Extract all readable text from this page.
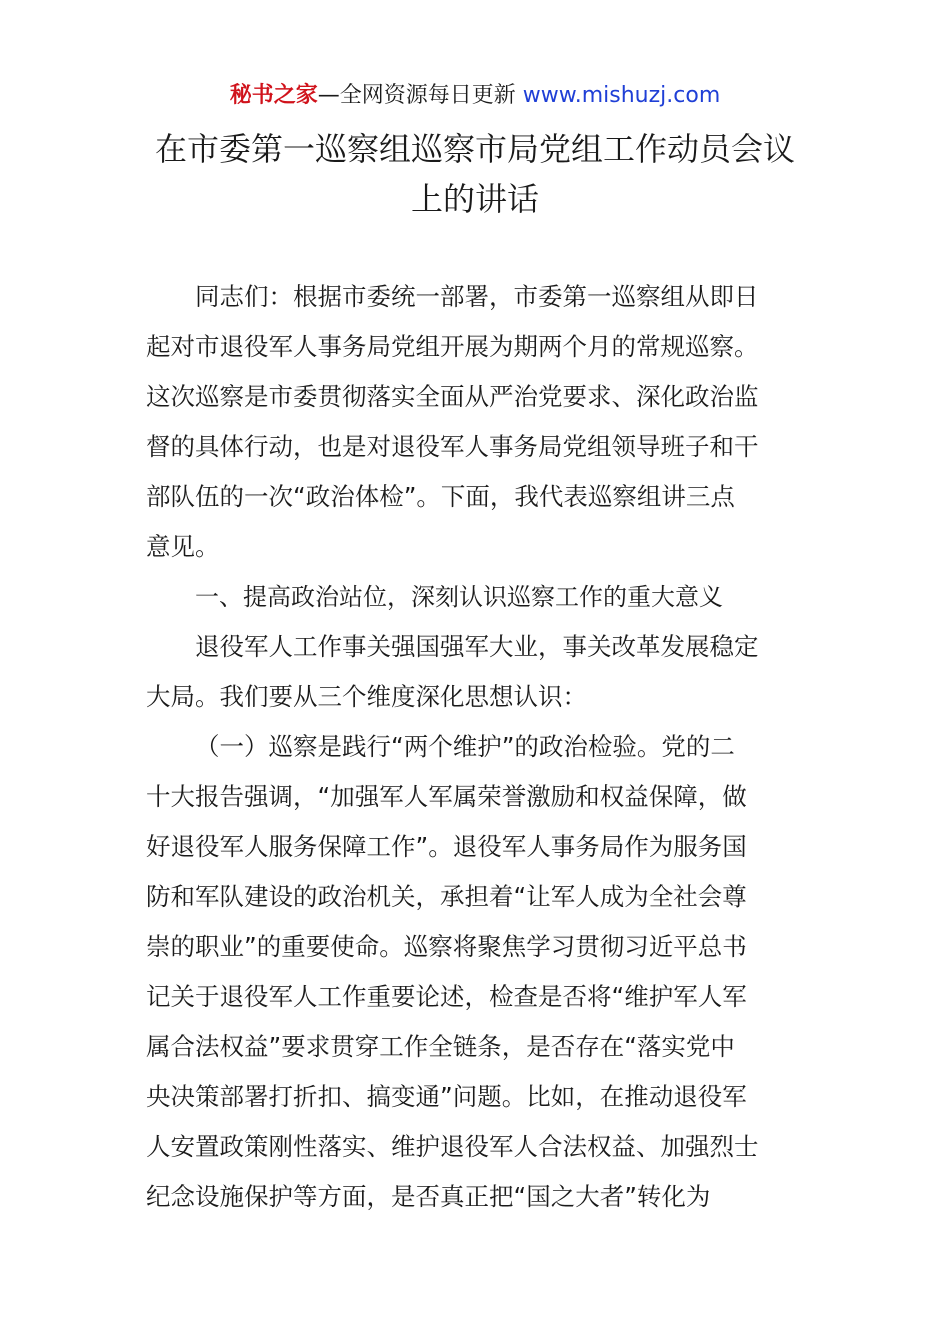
秘书之家—全网资源每日更新 www.mishuzj.com
在市委第一巡察组巡察市局党组工作动员会议
上的讲话
同志们：根据市委统一部署，市委第一巡察组从即日
起对市退役军人事务局党组开展为期两个月的常规巡察。
这次巡察是市委贯彻落实全面从严治党要求、深化政治监
督的具体行动，也是对退役军人事务局党组领导班子和干
部队伍的一次“政治体检”。下面，我代表巡察组讲三点
意见。
一、提高政治站位，深刻认识巡察工作的重大意义
退役军人工作事关强国强军大业，事关改革发展稳定
大局。我们要从三个维度深化思想认识：
（一）巡察是践行“两个维护”的政治检验。党的二
十大报告强调，“加强军人军属荣誉激励和权益保障，做
好退役军人服务保障工作”。退役军人事务局作为服务国
防和军队建设的政治机关，承担着“让军人成为全社会尊
崇的职业”的重要使命。巡察将聚焦学习贯彻习近平总书
记关于退役军人工作重要论述，检查是否将“维护军人军
属合法权益”要求贯穿工作全链条，是否存在“落实党中
央决策部署打折扣、搞变通”问题。比如，在推动退役军
人安置政策刚性落实、维护退役军人合法权益、加强烈士
纪念设施保护等方面，是否真正把“国之大者”转化为
